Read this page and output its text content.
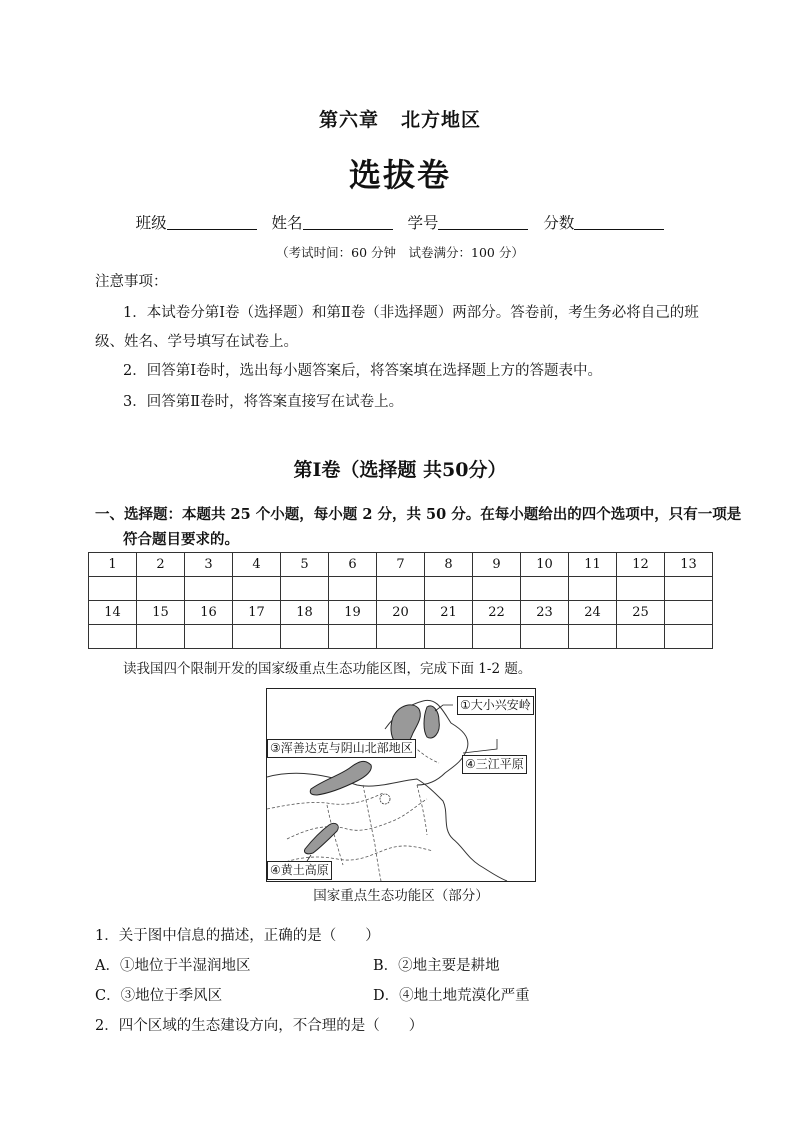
第六章 北方地区
选拔卷
班级	姓名	学号	分数
（考试时间：60 分钟　试卷满分：100 分）
注意事项：
1．本试卷分第Ⅰ卷（选择题）和第Ⅱ卷（非选择题）两部分。答卷前，考生务必将自己的班
级、姓名、学号填写在试卷上。
2．回答第Ⅰ卷时，选出每小题答案后，将答案填在选择题上方的答题表中。
3．回答第Ⅱ卷时，将答案直接写在试卷上。
第Ⅰ卷（选择题 共50分）
一、选择题：本题共 25 个小题，每小题 2 分，共 50 分。在每小题给出的四个选项中，只有一项是
符合题目要求的。
1	2	3	4	5	6	7	8	9	10	11	12	13

14	15	16	17	18	19	20	21	22	23	24	25	

读我国四个限制开发的国家级重点生态功能区图，完成下面 1-2 题。
①大小兴安岭
③浑善达克与阴山北部地区
④三江平原
④黄土高原
国家重点生态功能区（部分）
1．关于图中信息的描述，正确的是（　　）
A．①地位于半湿润地区	B．②地主要是耕地
C．③地位于季风区	D．④地土地荒漠化严重
2．四个区域的生态建设方向，不合理的是（　　）
